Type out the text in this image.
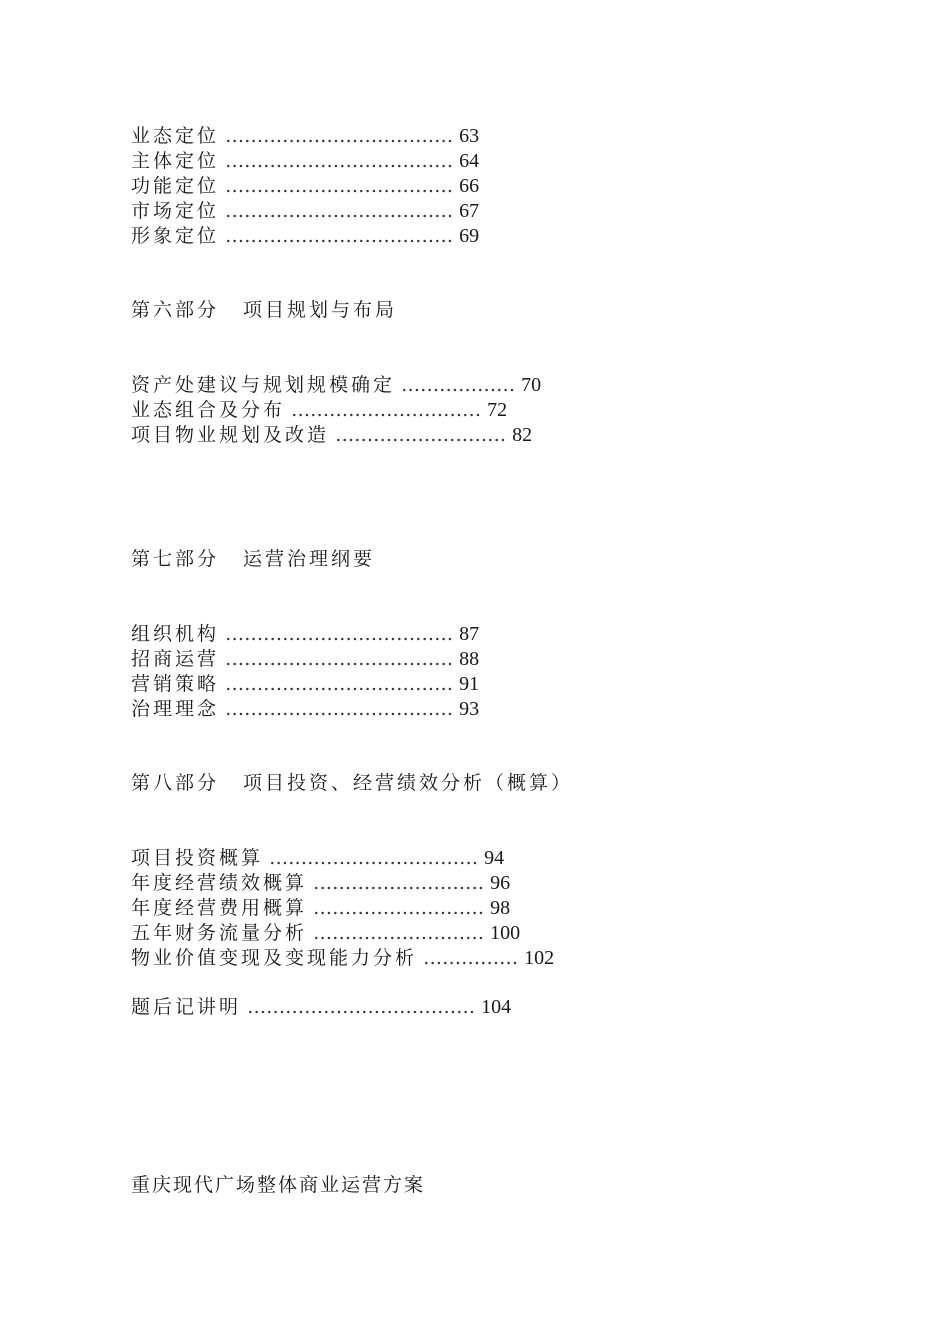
业态定位 ……………………………… 63
主体定位 ……………………………… 64
功能定位 ……………………………… 66
市场定位 ……………………………… 67
形象定位 ……………………………… 69
第六部分 项目规划与布局
资产处建议与规划规模确定 ……………… 70
业态组合及分布 ………………………… 72
项目物业规划及改造 ……………………… 82
第七部分 运营治理纲要
组织机构 ……………………………… 87
招商运营 ……………………………… 88
营销策略 ……………………………… 91
治理理念 ……………………………… 93
第八部分 项目投资、经营绩效分析（概算）
项目投资概算 …………………………… 94
年度经营绩效概算 ……………………… 96
年度经营费用概算 ……………………… 98
五年财务流量分析 ……………………… 100
物业价值变现及变现能力分析 …………… 102
题后记讲明 ……………………………… 104
重庆现代广场整体商业运营方案
